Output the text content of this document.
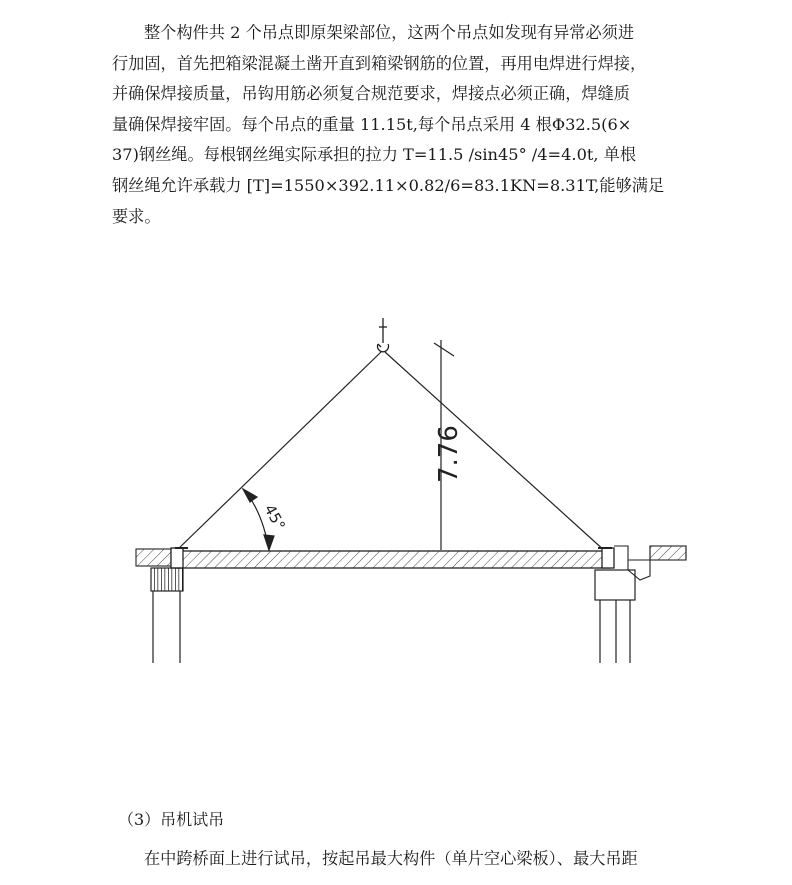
整个构件共 2 个吊点即原架梁部位，这两个吊点如发现有异常必须进

行加固，首先把箱梁混凝土凿开直到箱梁钢筋的位置，再用电焊进行焊接，

并确保焊接质量，吊钩用筋必须复合规范要求，焊接点必须正确，焊缝质

量确保焊接牢固。每个吊点的重量 11.15t,每个吊点采用 4 根Φ32.5(6×

37)钢丝绳。每根钢丝绳实际承担的拉力 T=11.5 /sin45° /4=4.0t, 单根

钢丝绳允许承载力 [T]=1550×392.11×0.82/6=83.1KN=8.31T,能够满足

要求。

7.76
45°

（3）吊机试吊

在中跨桥面上进行试吊，按起吊最大构件（单片空心梁板）、最大吊距
